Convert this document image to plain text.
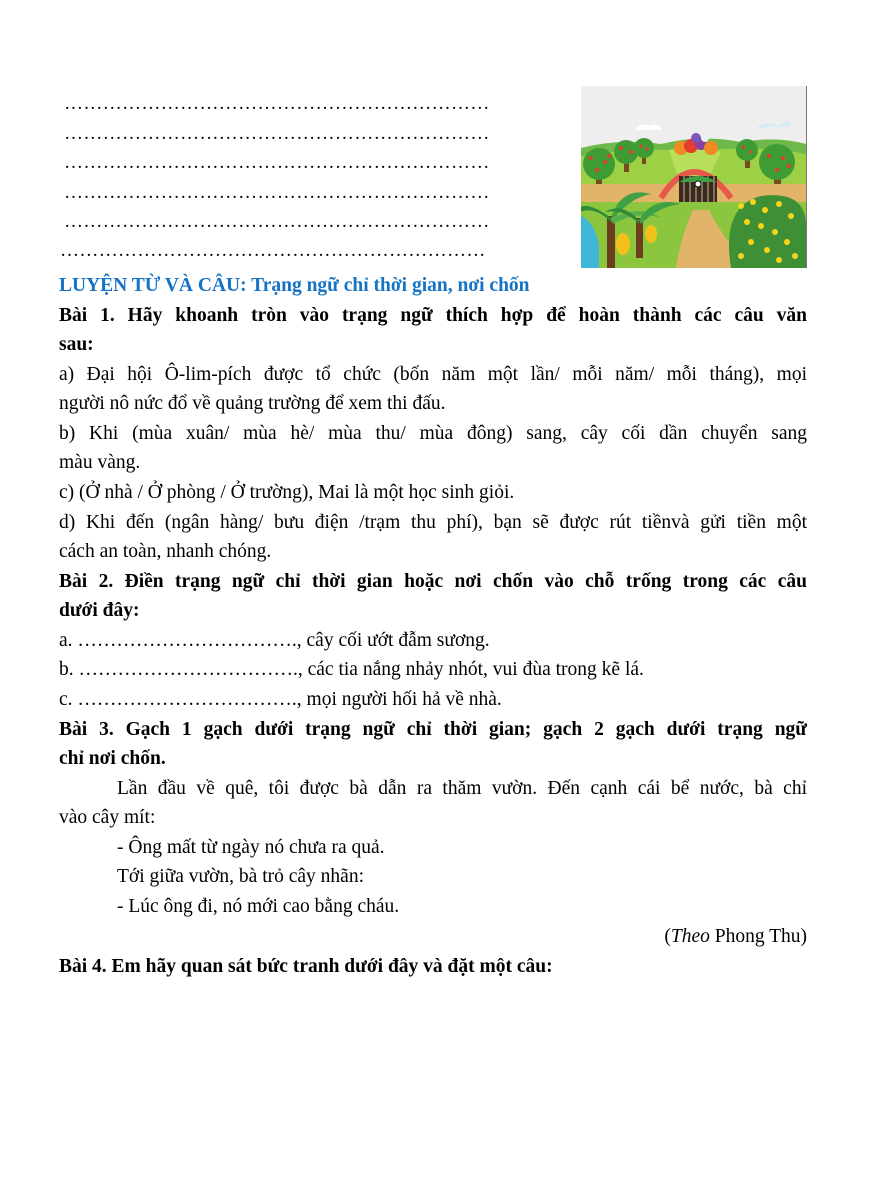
…………………………………………………………
…………………………………………………………
…………………………………………………………
…………………………………………………………
…………………………………………………………
…………………………………………………………
LUYỆN TỪ VÀ CÂU: Trạng ngữ chỉ thời gian, nơi chốn
Bài 1. Hãy khoanh tròn vào trạng ngữ thích hợp để hoàn thành các câu văn
sau:
a) Đại hội Ô-lim-pích được tổ chức (bốn năm một lần/ mỗi năm/ mỗi tháng), mọi
người nô nức đổ về quảng trường để xem thi đấu.
b) Khi (mùa xuân/ mùa hè/ mùa thu/ mùa đông) sang, cây cối dần chuyển sang
màu vàng.
c) (Ở nhà / Ở phòng / Ở trường), Mai là một học sinh giỏi.
d) Khi đến (ngân hàng/ bưu điện /trạm thu phí), bạn sẽ được rút tiềnvà gửi tiền một
cách an toàn, nhanh chóng.
Bài 2. Điền trạng ngữ chỉ thời gian hoặc nơi chốn vào chỗ trống trong các câu
dưới đây:
a. ……………………………., cây cối ướt đẫm sương.
b. ……………………………., các tia nắng nhảy nhót, vui đùa trong kẽ lá.
c. ……………………………., mọi người hối hả về nhà.
Bài 3. Gạch 1 gạch dưới trạng ngữ chỉ thời gian; gạch 2 gạch dưới trạng ngữ
chỉ nơi chốn.
Lần đầu về quê, tôi được bà dẫn ra thăm vườn. Đến cạnh cái bể nước, bà chỉ
vào cây mít:
- Ông mất từ ngày nó chưa ra quả.
Tới giữa vườn, bà trỏ cây nhãn:
- Lúc ông đi, nó mới cao bằng cháu.
(Theo Phong Thu)
Bài 4. Em hãy quan sát bức tranh dưới đây và đặt một câu:
